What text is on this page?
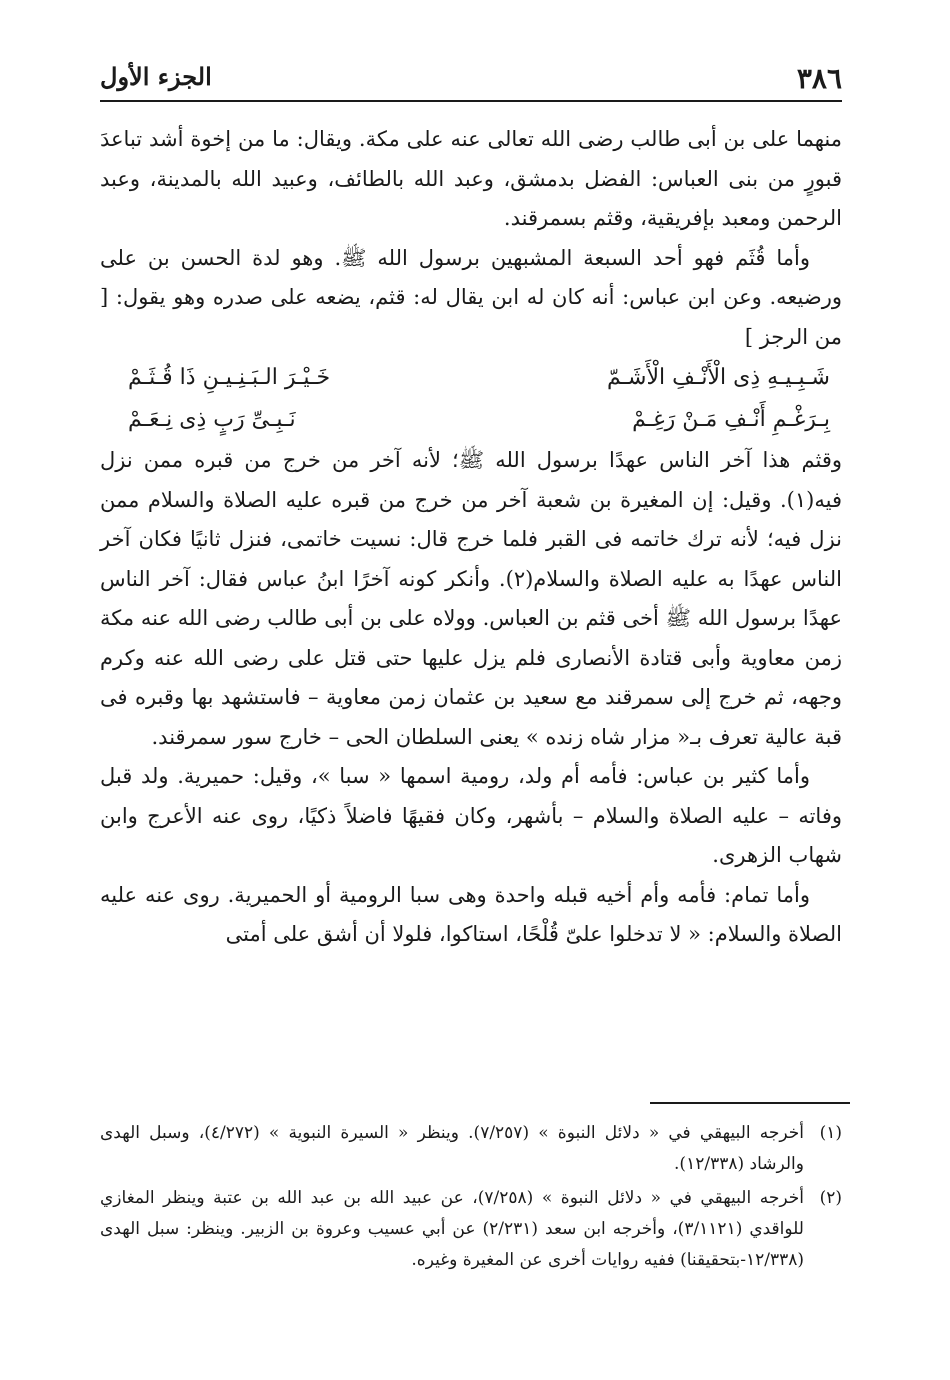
٣٨٦
الجزء الأول

منهما على بن أبى طالب رضى الله تعالى عنه على مكة. ويقال: ما من إخوة أشد تباعدَ قبورٍ من بنى العباس: الفضل بدمشق، وعبد الله بالطائف، وعبيد الله بالمدينة، وعبد الرحمن ومعبد بإفريقية، وقثم بسمرقند.

وأما قُثَم فهو أحد السبعة المشبهين برسول الله ﷺ. وهو لدة الحسن بن على ورضيعه. وعن ابن عباس: أنه كان له ابن يقال له: قثم، يضعه على صدره وهو يقول: [ من الرجز ]

شَـبِـيـهِ ذِى الْأَنْـفِ الْأَشَـمّ
خَـيْـرَ الـبَـنِـيـنِ ذَا قُـثَـمْ
بِـرَغْـمِ أَنْـفِ مَـنْ رَغِـمْ
نَـبِـىِّ رَبٍ ذِى نِـعَـمْ

وقثم هذا آخر الناس عهدًا برسول الله ﷺ؛ لأنه آخر من خرج من قبره ممن نزل فيه(١). وقيل: إن المغيرة بن شعبة آخر من خرج من قبره عليه الصلاة والسلام ممن نزل فيه؛ لأنه ترك خاتمه فى القبر فلما خرج قال: نسيت خاتمى، فنزل ثانيًا فكان آخر الناس عهدًا به عليه الصلاة والسلام(٢). وأنكر كونه آخرًا ابنُ عباس فقال: آخر الناس عهدًا برسول الله ﷺ أخى قثم بن العباس. وولاه على بن أبى طالب رضى الله عنه مكة زمن معاوية وأبى قتادة الأنصارى فلم يزل عليها حتى قتل على رضى الله عنه وكرم وجهه، ثم خرج إلى سمرقند مع سعيد بن عثمان زمن معاوية – فاستشهد بها وقبره فى قبة عالية تعرف بـ« مزار شاه زنده » يعنى السلطان الحى – خارج سور سمرقند.

وأما كثير بن عباس: فأمه أم ولد، رومية اسمها « سبا »، وقيل: حميرية. ولد قبل وفاته – عليه الصلاة والسلام – بأشهر، وكان فقيهًا فاضلاً ذكيًا، روى عنه الأعرج وابن شهاب الزهرى.

وأما تمام: فأمه وأم أخيه قبله واحدة وهى سبا الرومية أو الحميرية. روى عنه عليه الصلاة والسلام: « لا تدخلوا علىّ قُلْحًا، استاكوا، فلولا أن أشق على أمتى

(١)
أخرجه البيهقي في « دلائل النبوة » (٧/٢٥٧). وينظر « السيرة النبوية » (٤/٢٧٢)، وسبل الهدى والرشاد (١٢/٣٣٨).
(٢)
أخرجه البيهقي في « دلائل النبوة » (٧/٢٥٨)، عن عبيد الله بن عبد الله بن عتبة وينظر المغازي للواقدي (٣/١١٢١)، وأخرجه ابن سعد (٢/٢٣١) عن أبي عسيب وعروة بن الزبير. وينظر: سبل الهدى (١٢/٣٣٨-بتحقيقنا) ففيه روايات أخرى عن المغيرة وغيره.
